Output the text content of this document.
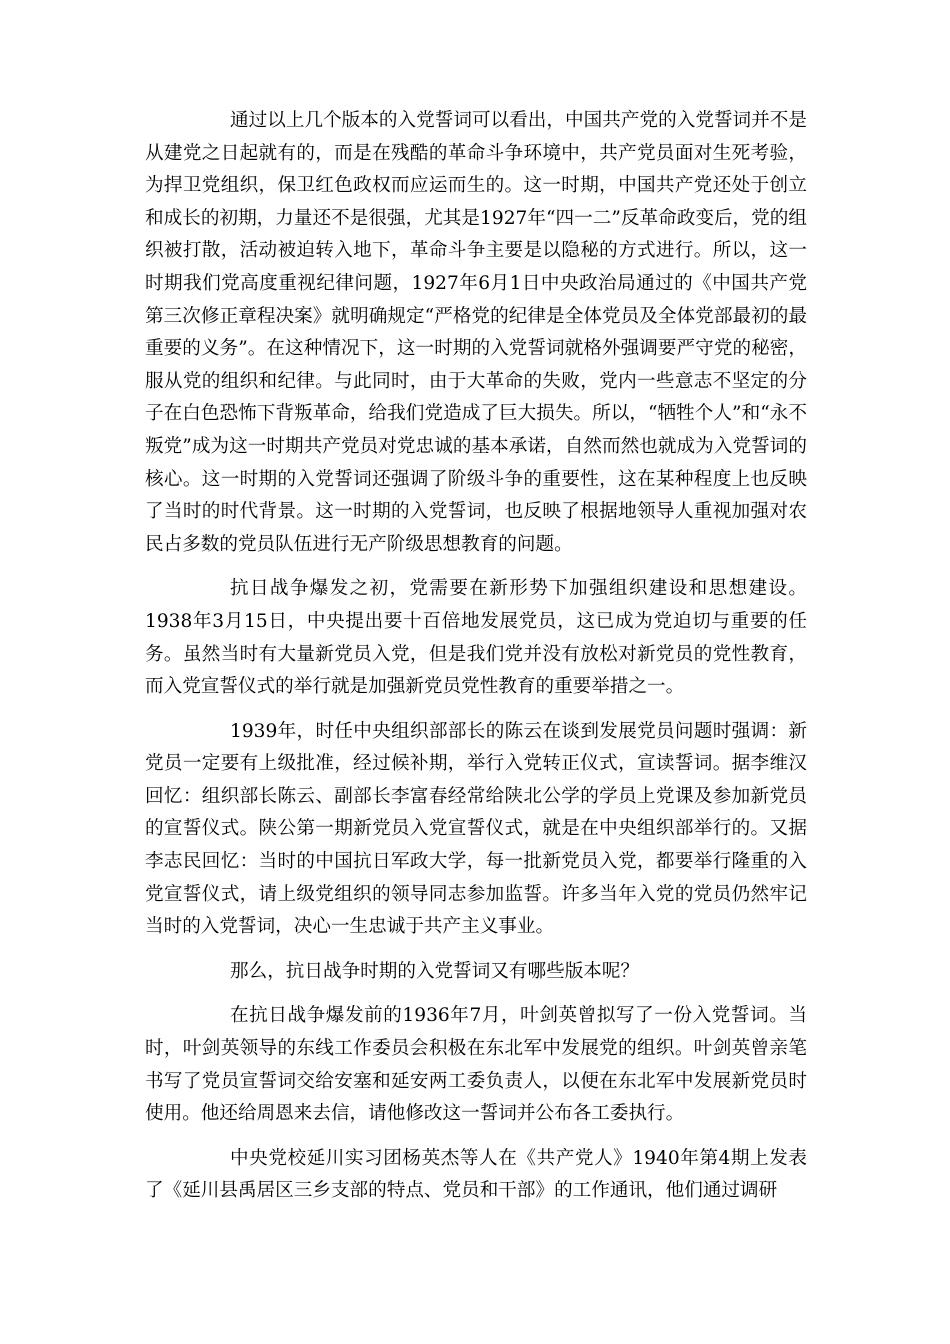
通过以上几个版本的入党誓词可以看出，中国共产党的入党誓词并不是从建党之日起就有的，而是在残酷的革命斗争环境中，共产党员面对生死考验，为捍卫党组织，保卫红色政权而应运而生的。这一时期，中国共产党还处于创立和成长的初期，力量还不是很强，尤其是1927年“四一二”反革命政变后，党的组织被打散，活动被迫转入地下，革命斗争主要是以隐秘的方式进行。所以，这一时期我们党高度重视纪律问题，1927年6月1日中央政治局通过的《中国共产党第三次修正章程决案》就明确规定“严格党的纪律是全体党员及全体党部最初的最重要的义务”。在这种情况下，这一时期的入党誓词就格外强调要严守党的秘密，服从党的组织和纪律。与此同时，由于大革命的失败，党内一些意志不坚定的分子在白色恐怖下背叛革命，给我们党造成了巨大损失。所以，“牺牲个人”和“永不叛党”成为这一时期共产党员对党忠诚的基本承诺，自然而然也就成为入党誓词的核心。这一时期的入党誓词还强调了阶级斗争的重要性，这在某种程度上也反映了当时的时代背景。这一时期的入党誓词，也反映了根据地领导人重视加强对农民占多数的党员队伍进行无产阶级思想教育的问题。

抗日战争爆发之初，党需要在新形势下加强组织建设和思想建设。1938年3月15日，中央提出要十百倍地发展党员，这已成为党迫切与重要的任务。虽然当时有大量新党员入党，但是我们党并没有放松对新党员的党性教育，而入党宣誓仪式的举行就是加强新党员党性教育的重要举措之一。

1939年，时任中央组织部部长的陈云在谈到发展党员问题时强调：新党员一定要有上级批准，经过候补期，举行入党转正仪式，宣读誓词。据李维汉回忆：组织部长陈云、副部长李富春经常给陕北公学的学员上党课及参加新党员的宣誓仪式。陕公第一期新党员入党宣誓仪式，就是在中央组织部举行的。又据李志民回忆：当时的中国抗日军政大学，每一批新党员入党，都要举行隆重的入党宣誓仪式，请上级党组织的领导同志参加监誓。许多当年入党的党员仍然牢记当时的入党誓词，决心一生忠诚于共产主义事业。

那么，抗日战争时期的入党誓词又有哪些版本呢？

在抗日战争爆发前的1936年7月，叶剑英曾拟写了一份入党誓词。当时，叶剑英领导的东线工作委员会积极在东北军中发展党的组织。叶剑英曾亲笔书写了党员宣誓词交给安塞和延安两工委负责人，以便在东北军中发展新党员时使用。他还给周恩来去信，请他修改这一誓词并公布各工委执行。

中央党校延川实习团杨英杰等人在《共产党人》1940年第4期上发表了《延川县禹居区三乡支部的特点、党员和干部》的工作通讯，他们通过调研
